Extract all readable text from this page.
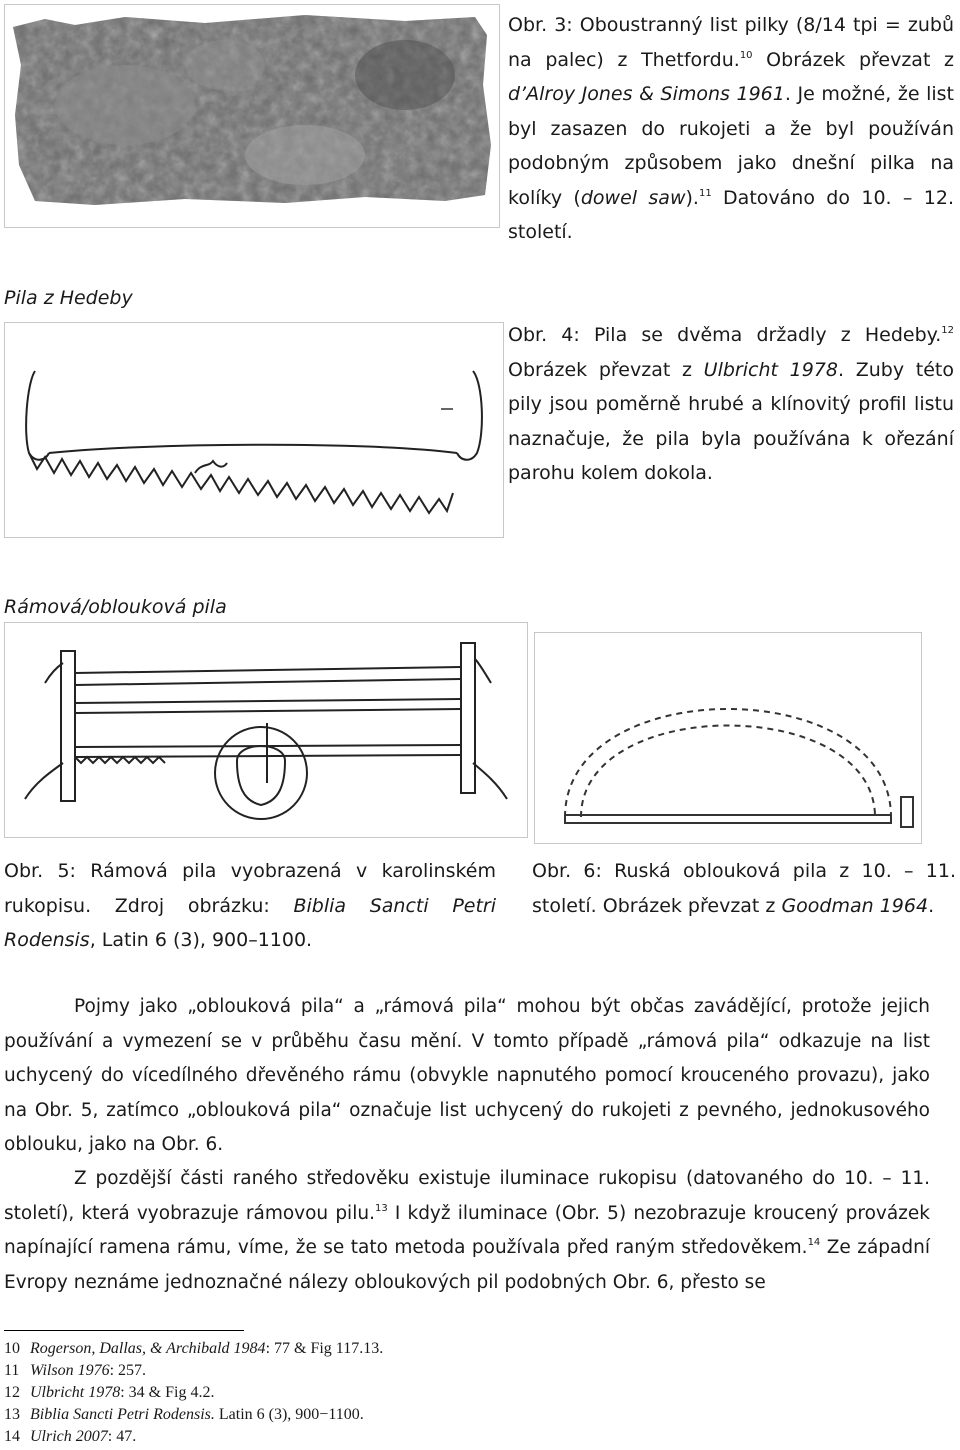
Obr. 3: Oboustranný list pilky (8/14 tpi = zubů na palec) z Thetfordu.$^{10}$ Obrázek převzat z d’Alroy Jones & Simons 1961. Je možné, že list byl zasazen do rukojeti a že byl používán podobným způsobem jako dnešní pilka na kolíky (dowel saw).$^{11}$ Datováno do 10. – 12. století.
Pila z Hedeby
Obr. 4: Pila se dvěma držadly z Hedeby.$^{12}$ Obrázek převzat z Ulbricht 1978. Zuby této pily jsou poměrně hrubé a klínovitý profil listu naznačuje, že pila byla používána k ořezání parohu kolem dokola.
Rámová/oblouková pila
Obr. 5: Rámová pila vyobrazená v karolinském rukopisu. Zdroj obrázku: Biblia Sancti Petri Rodensis, Latin 6 (3), 900–1100.
Obr. 6: Ruská oblouková pila z 10. – 11. století. Obrázek převzat z Goodman 1964.
Pojmy jako „oblouková pila“ a „rámová pila“ mohou být občas zavádějící, protože jejich používání a vymezení se v průběhu času mění. V tomto případě „rámová pila“ odkazuje na list uchycený do vícedílného dřevěného rámu (obvykle napnutého pomocí krouceného provazu), jako na Obr. 5, zatímco „oblouková pila“ označuje list uchycený do rukojeti z pevného, jednokusového oblouku, jako na Obr. 6.
Z pozdější části raného středověku existuje iluminace rukopisu (datovaného do 10. – 11. století), která vyobrazuje rámovou pilu.$^{13}$ I když iluminace (Obr. 5) nezobrazuje kroucený provázek napínající ramena rámu, víme, že se tato metoda používala před raným středověkem.$^{14}$ Ze západní Evropy neznáme jednoznačné nálezy obloukových pil podobných Obr. 6, přesto se
10 Rogerson, Dallas, & Archibald 1984: 77 & Fig 117.13.
11 Wilson 1976: 257.
12 Ulbricht 1978: 34 & Fig 4.2.
13 Biblia Sancti Petri Rodensis. Latin 6 (3), 900−1100.
14 Ulrich 2007: 47.
